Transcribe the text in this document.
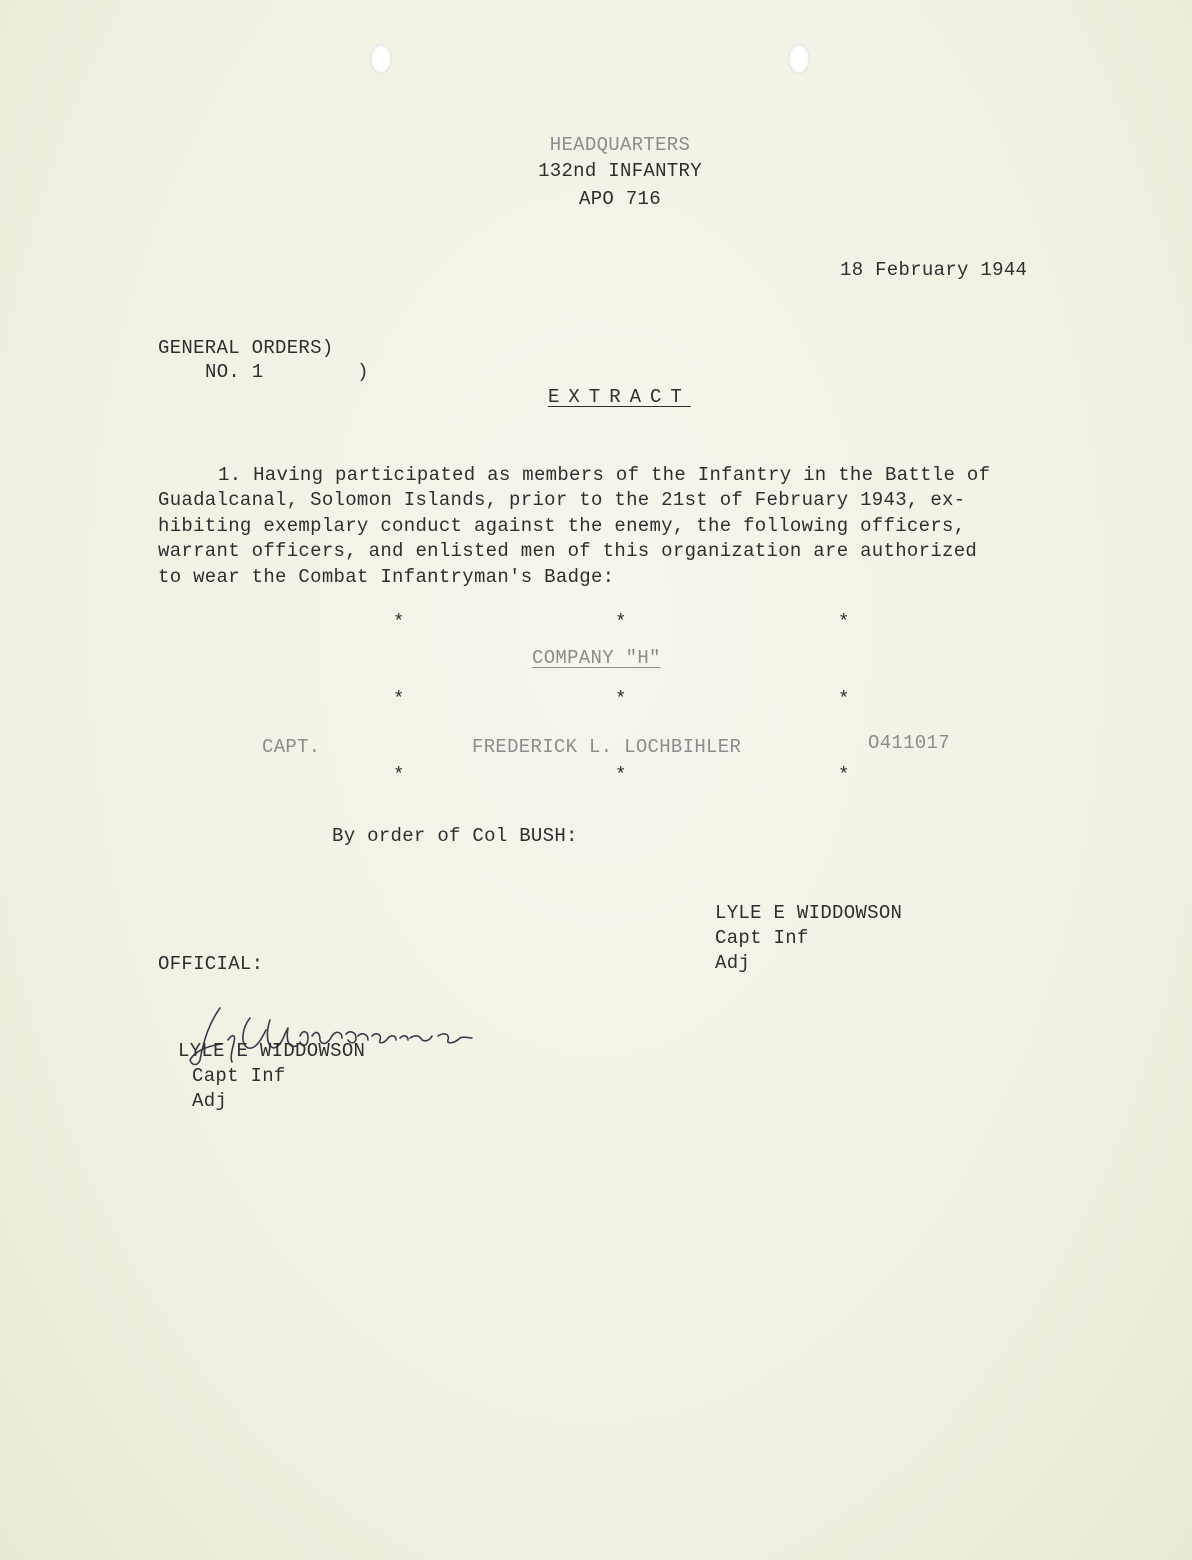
HEADQUARTERS
132nd INFANTRY
APO 716
18 February 1944
GENERAL ORDERS)
NO. 1        )
EXTRACT
1. Having participated as members of the Infantry in the Battle of
Guadalcanal, Solomon Islands, prior to the 21st of February 1943, ex-
hibiting exemplary conduct against the enemy, the following officers,
warrant officers, and enlisted men of this organization are authorized
to wear the Combat Infantryman's Badge:
*	*	*
COMPANY "H"
*	*	*
CAPT.	FREDERICK L. LOCHBIHLER	O411017
*	*	*
By order of Col BUSH:
LYLE E WIDDOWSON
Capt Inf
Adj
OFFICIAL:
LYLE E WIDDOWSON
Capt Inf
Adj
